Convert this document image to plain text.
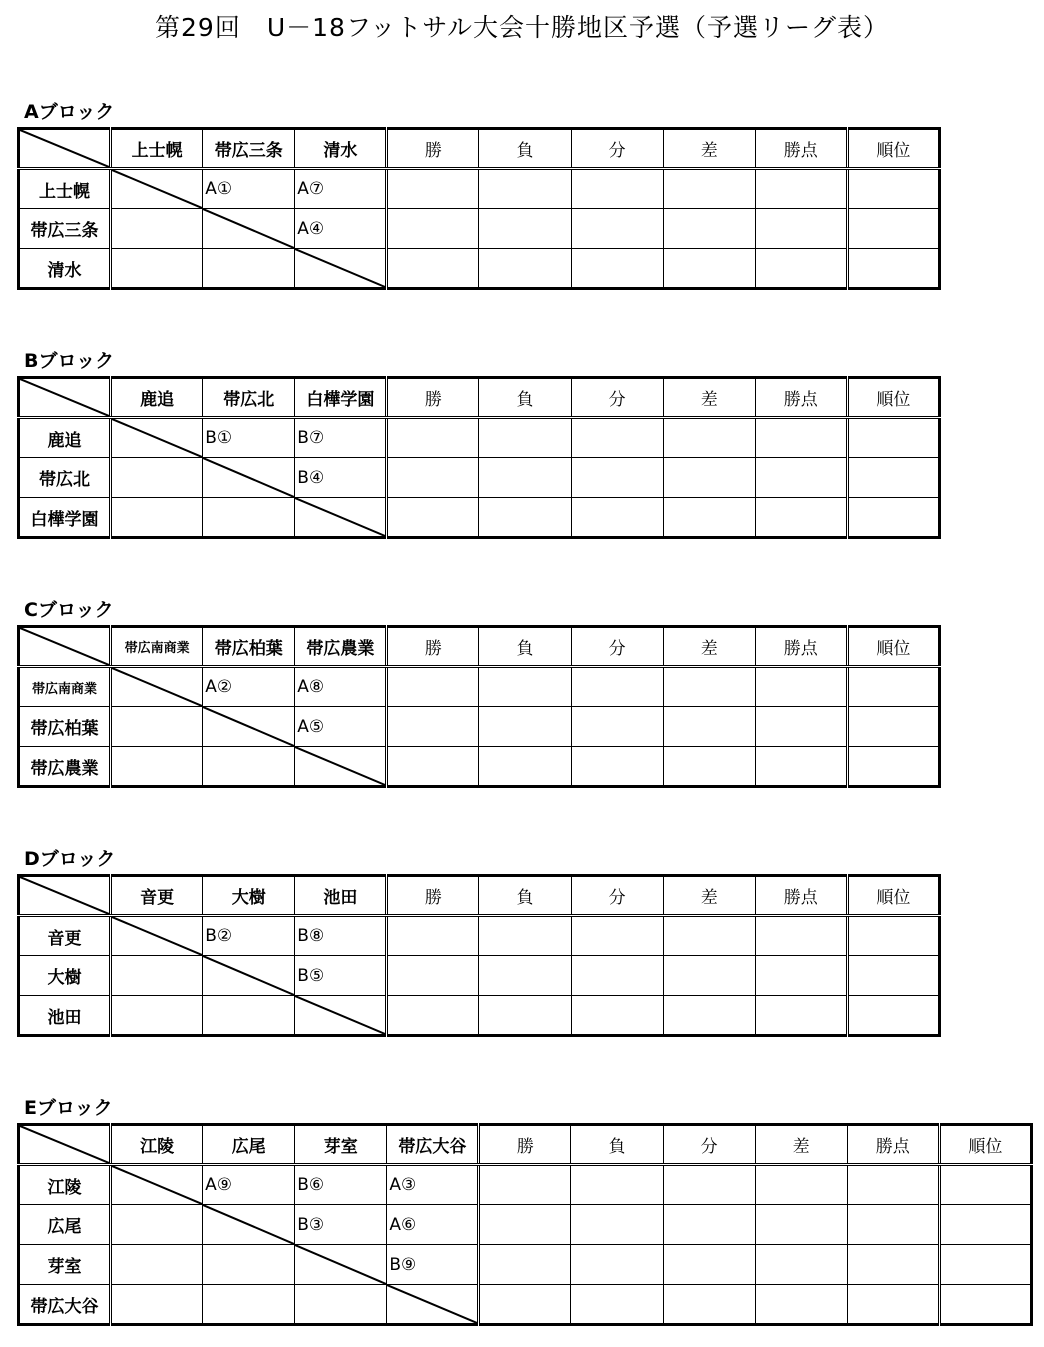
第29回　U－18フットサル大会十勝地区予選（予選リーグ表）
Aブロック
	上士幌	帯広三条	清水	勝	負	分	差	勝点	順位
上士幌		A①	A⑦						
帯広三条			A④						
清水			

Bブロック
	鹿追	帯広北	白樺学園	勝	負	分	差	勝点	順位
鹿追		B①	B⑦						
帯広北			B④						
白樺学園			

Cブロック
	帯広南商業	帯広柏葉	帯広農業	勝	負	分	差	勝点	順位
帯広南商業		A②	A⑧						
帯広柏葉			A⑤						
帯広農業			

Dブロック
	音更	大樹	池田	勝	負	分	差	勝点	順位
音更		B②	B⑧						
大樹			B⑤						
池田			

Eブロック
	江陵	広尾	芽室	帯広大谷	勝	負	分	差	勝点	順位
江陵		A⑨	B⑥	A③						
広尾			B③	A⑥						
芽室				B⑨						
帯広大谷				
